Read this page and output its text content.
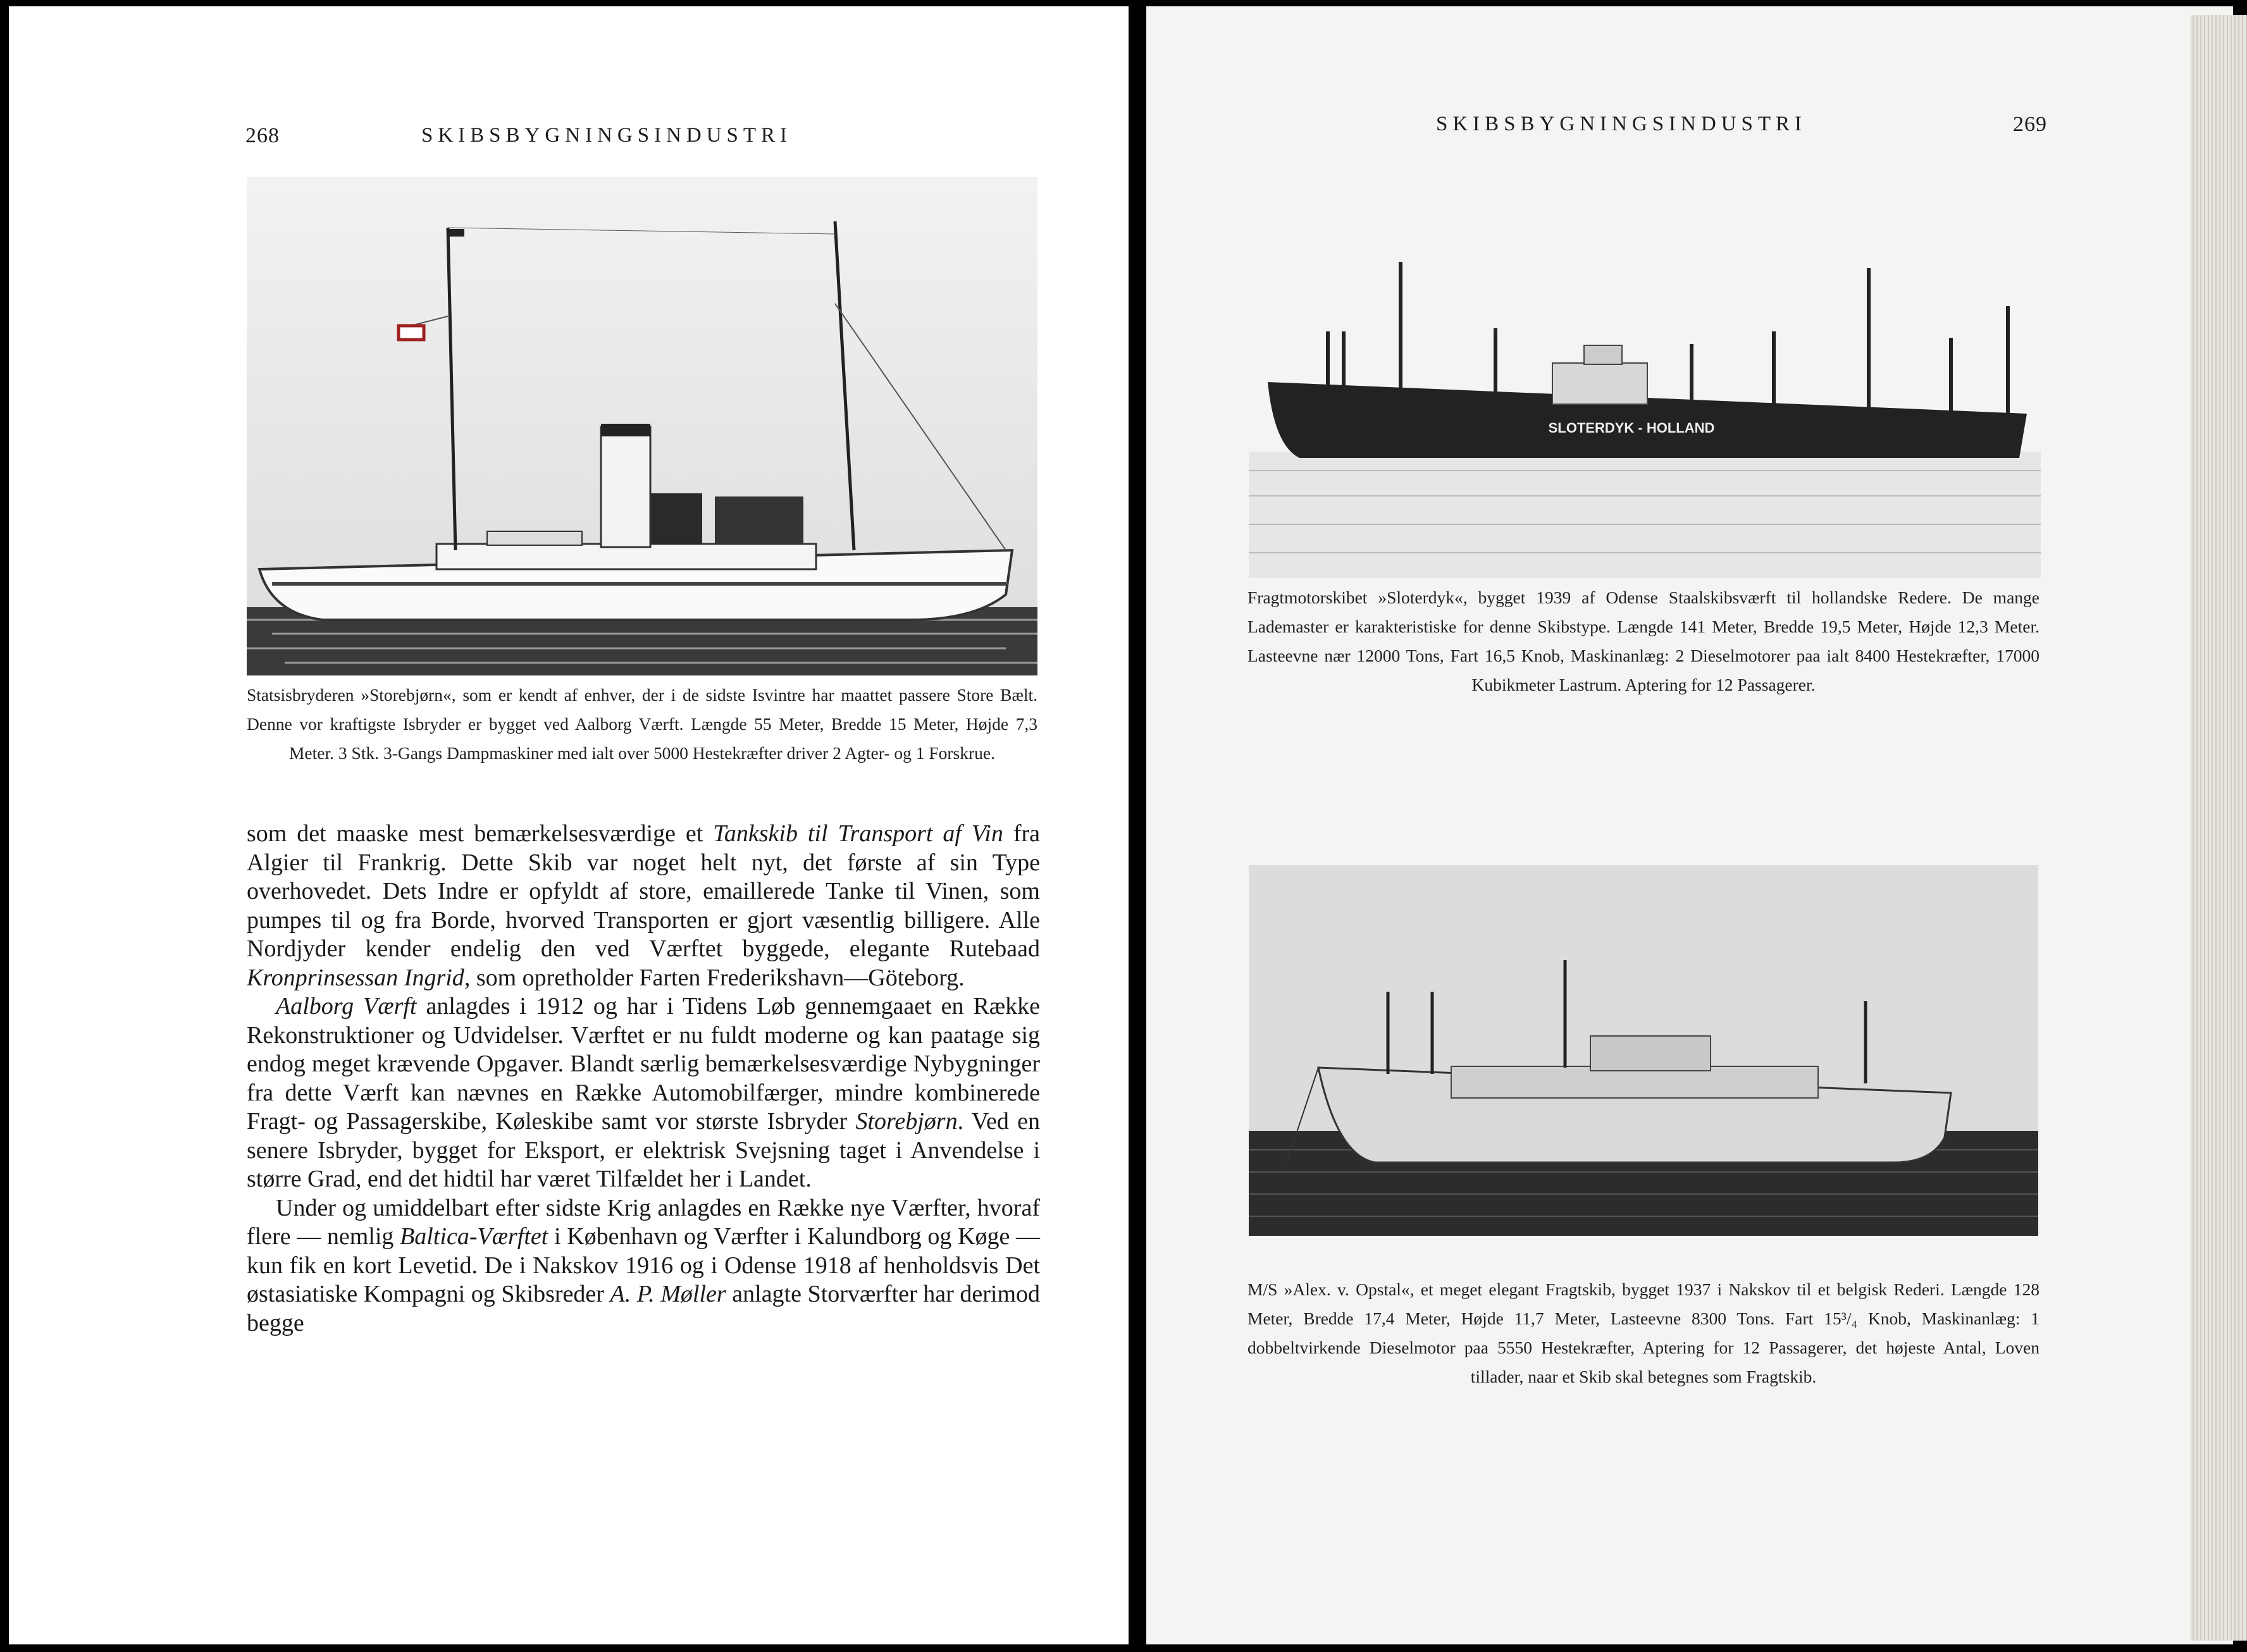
268	SKIBSBYGNINGSINDUSTRI

Statsisbryderen »Storebjørn«, som er kendt af enhver, der i de sidste Isvintre har maattet passere Store Bælt. Denne vor kraftigste Isbryder er bygget ved Aalborg Værft. Længde 55 Meter, Bredde 15 Meter, Højde 7,3 Meter. 3 Stk. 3-Gangs Dampmaskiner med ialt over 5000 Hestekræfter driver 2 Agter- og 1 Forskrue.

som det maaske mest bemærkelsesværdige et Tankskib til Transport af Vin fra Algier til Frankrig. Dette Skib var noget helt nyt, det første af sin Type overhovedet. Dets Indre er opfyldt af store, emaillerede Tanke til Vinen, som pumpes til og fra Borde, hvorved Transporten er gjort væsentlig billigere. Alle Nordjyder kender endelig den ved Værftet byggede, elegante Rutebaad Kronprinsessan Ingrid, som opretholder Farten Frederikshavn—Göteborg.

Aalborg Værft anlagdes i 1912 og har i Tidens Løb gennemgaaet en Række Rekonstruktioner og Udvidelser. Værftet er nu fuldt moderne og kan paatage sig endog meget krævende Opgaver. Blandt særlig bemærkelsesværdige Nybygninger fra dette Værft kan nævnes en Række Automobilfærger, mindre kombinerede Fragt- og Passagerskibe, Køleskibe samt vor største Isbryder Storebjørn. Ved en senere Isbryder, bygget for Eksport, er elektrisk Svejsning taget i Anvendelse i større Grad, end det hidtil har været Tilfældet her i Landet.

Under og umiddelbart efter sidste Krig anlagdes en Række nye Værfter, hvoraf flere — nemlig Baltica-Værftet i København og Værfter i Kalundborg og Køge — kun fik en kort Levetid. De i Nakskov 1916 og i Odense 1918 af henholdsvis Det østasiatiske Kompagni og Skibsreder A. P. Møller anlagte Storværfter har derimod begge

SKIBSBYGNINGSINDUSTRI	269
SLOTERDYK - HOLLAND

Fragtmotorskibet »Sloterdyk«, bygget 1939 af Odense Staalskibsværft til hollandske Redere. De mange Lademaster er karakteristiske for denne Skibstype. Længde 141 Meter, Bredde 19,5 Meter, Højde 12,3 Meter. Lasteevne nær 12000 Tons, Fart 16,5 Knob, Maskinanlæg: 2 Dieselmotorer paa ialt 8400 Hestekræfter, 17000 Kubikmeter Lastrum. Aptering for 12 Passagerer.

M/S »Alex. v. Opstal«, et meget elegant Fragtskib, bygget 1937 i Nakskov til et belgisk Rederi. Længde 128 Meter, Bredde 17,4 Meter, Højde 11,7 Meter, Lasteevne 8300 Tons. Fart 15³/₄ Knob, Maskinanlæg: 1 dobbeltvirkende Dieselmotor paa 5550 Hestekræfter, Aptering for 12 Passagerer, det højeste Antal, Loven tillader, naar et Skib skal betegnes som Fragtskib.
